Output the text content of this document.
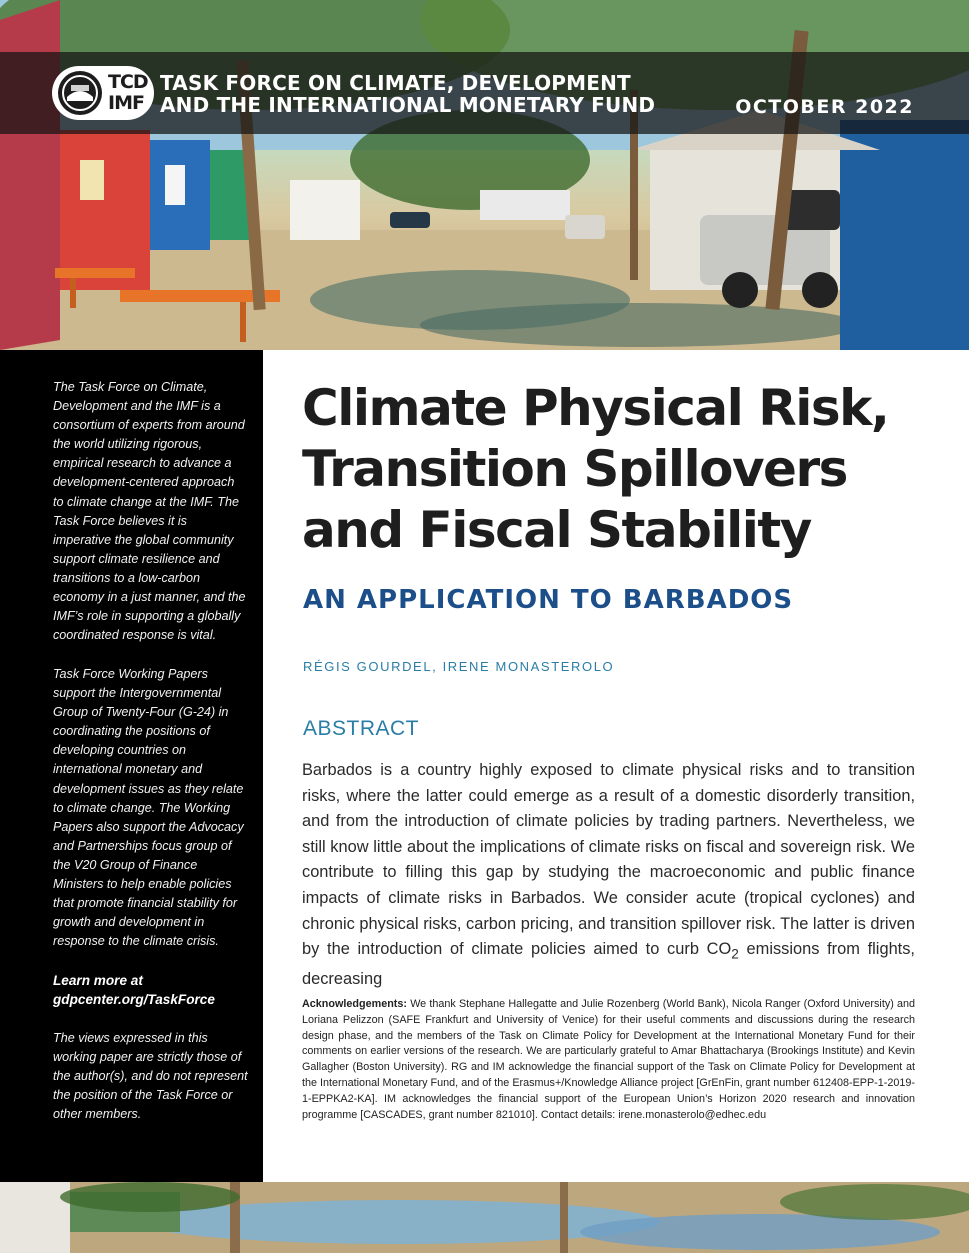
TCD
IMF
TASK FORCE ON CLIMATE, DEVELOPMENT
AND THE INTERNATIONAL MONETARY FUND	OCTOBER 2022

The Task Force on Climate, Development and the IMF is a consortium of experts from around the world utilizing rigorous, empirical research to advance a development-centered approach to climate change at the IMF. The Task Force believes it is imperative the global community support climate resilience and transitions to a low-carbon economy in a just manner, and the IMF’s role in supporting a globally coordinated response is vital.

Task Force Working Papers support the Intergovernmental Group of Twenty-Four (G-24) in coordinating the positions of developing countries on international monetary and development issues as they relate to climate change. The Working Papers also support the Advocacy and Partnerships focus group of the V20 Group of Finance Ministers to help enable policies that promote financial stability for growth and development in response to the climate crisis.

Learn more at gdpcenter.org/TaskForce

The views expressed in this working paper are strictly those of the author(s), and do not represent the position of the Task Force or other members.

Climate Physical Risk, Transition Spillovers and Fiscal Stability
AN APPLICATION TO BARBADOS
RÉGIS GOURDEL, IRENE MONASTEROLO
ABSTRACT

Barbados is a country highly exposed to climate physical risks and to transition risks, where the latter could emerge as a result of a domestic disorderly transition, and from the introduction of climate policies by trading partners. Nevertheless, we still know little about the implications of climate risks on fiscal and sovereign risk. We contribute to filling this gap by studying the macroeconomic and public finance impacts of climate risks in Barbados. We consider acute (tropical cyclones) and chronic physical risks, carbon pricing, and transition spillover risk. The latter is driven by the introduction of climate policies aimed to curb $CO_2$ emissions from flights, decreasing

Acknowledgements: We thank Stephane Hallegatte and Julie Rozenberg (World Bank), Nicola Ranger (Oxford University) and Loriana Pelizzon (SAFE Frankfurt and University of Venice) for their useful comments and discussions during the research design phase, and the members of the Task on Climate Policy for Development at the International Monetary Fund for their comments on earlier versions of the research. We are particularly grateful to Amar Bhattacharya (Brookings Institute) and Kevin Gallagher (Boston University). RG and IM acknowledge the financial support of the Task on Climate Policy for Development at the International Monetary Fund, and of the Erasmus+/Knowledge Alliance project [GrEnFin, grant number 612408-EPP-1-2019-1-EPPKA2-KA]. IM acknowledges the financial support of the European Union’s Horizon 2020 research and innovation programme [CASCADES, grant number 821010]. Contact details: irene.monasterolo@edhec.edu
